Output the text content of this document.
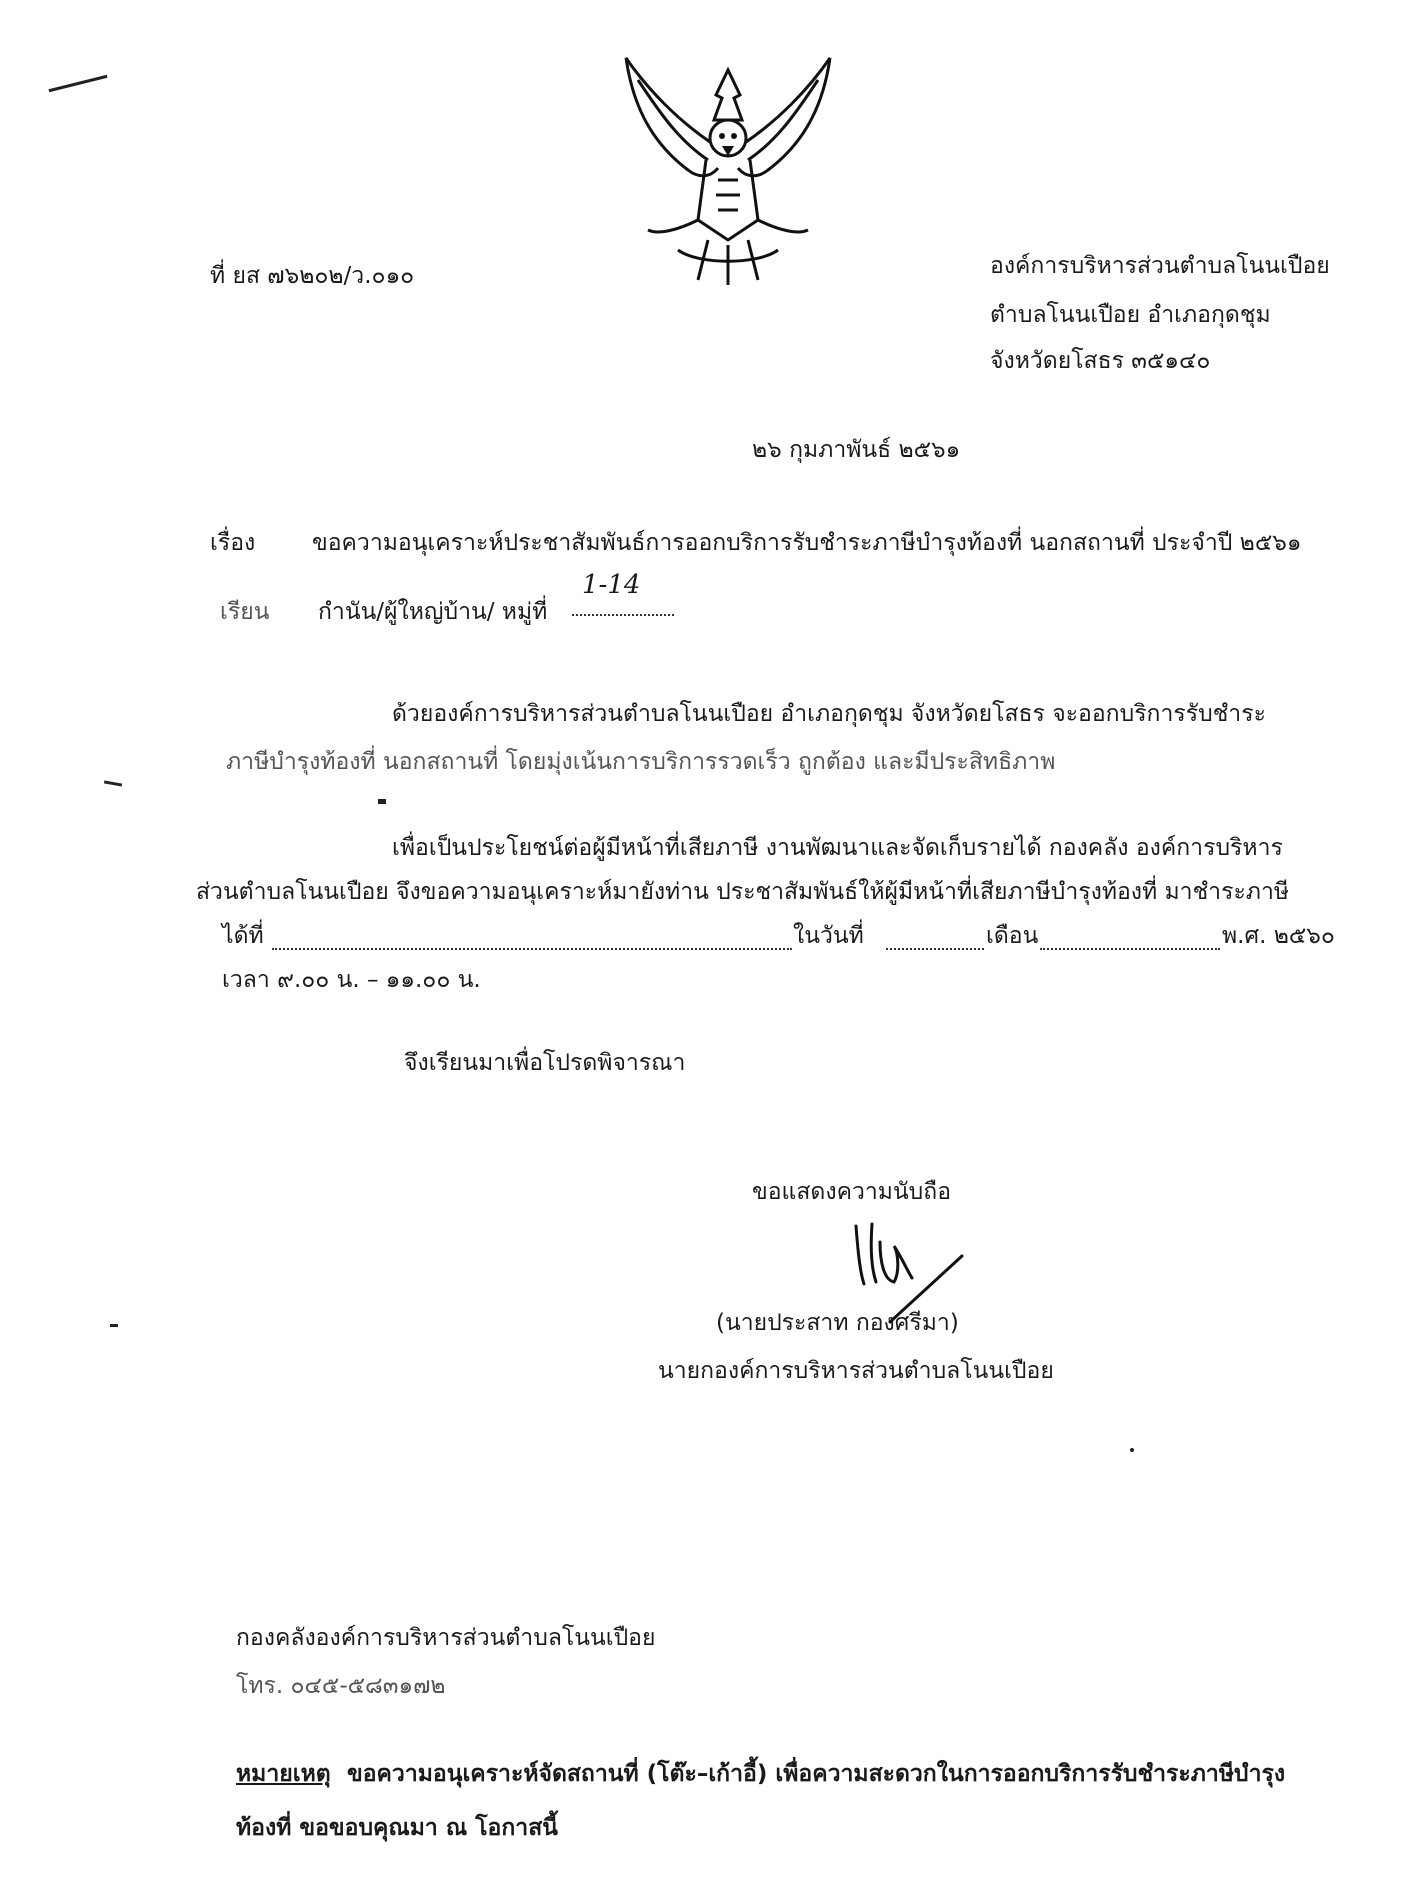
ที่ ยส ๗๖๒๐๒/ว.๐๑๐	องค์การบริหารส่วนตำบลโนนเปือย
ตำบลโนนเปือย อำเภอกุดชุม
จังหวัดยโสธร ๓๕๑๔๐
๒๖ กุมภาพันธ์ ๒๕๖๑
เรื่อง ขอความอนุเคราะห์ประชาสัมพันธ์การออกบริการรับชำระภาษีบำรุงท้องที่ นอกสถานที่ ประจำปี ๒๕๖๑
เรียน กำนัน/ผู้ใหญ่บ้าน/ หมู่ที่
1-14
ด้วยองค์การบริหารส่วนตำบลโนนเปือย อำเภอกุดชุม จังหวัดยโสธร จะออกบริการรับชำระ
ภาษีบำรุงท้องที่ นอกสถานที่ โดยมุ่งเน้นการบริการรวดเร็ว ถูกต้อง และมีประสิทธิภาพ
เพื่อเป็นประโยชน์ต่อผู้มีหน้าที่เสียภาษี งานพัฒนาและจัดเก็บรายได้ กองคลัง องค์การบริหาร
ส่วนตำบลโนนเปือย จึงขอความอนุเคราะห์มายังท่าน ประชาสัมพันธ์ให้ผู้มีหน้าที่เสียภาษีบำรุงท้องที่ มาชำระภาษี
ได้ที่	ในวันที่	เดือน	พ.ศ. ๒๕๖๐
เวลา ๙.๐๐ น. – ๑๑.๐๐ น.
จึงเรียนมาเพื่อโปรดพิจารณา
ขอแสดงความนับถือ
(นายประสาท กองศรีมา)
นายกองค์การบริหารส่วนตำบลโนนเปือย
กองคลังองค์การบริหารส่วนตำบลโนนเปือย
โทร. ๐๔๕-๕๘๓๑๗๒
หมายเหตุ ขอความอนุเคราะห์จัดสถานที่ (โต๊ะ–เก้าอี้) เพื่อความสะดวกในการออกบริการรับชำระภาษีบำรุง
ท้องที่ ขอขอบคุณมา ณ โอกาสนี้
